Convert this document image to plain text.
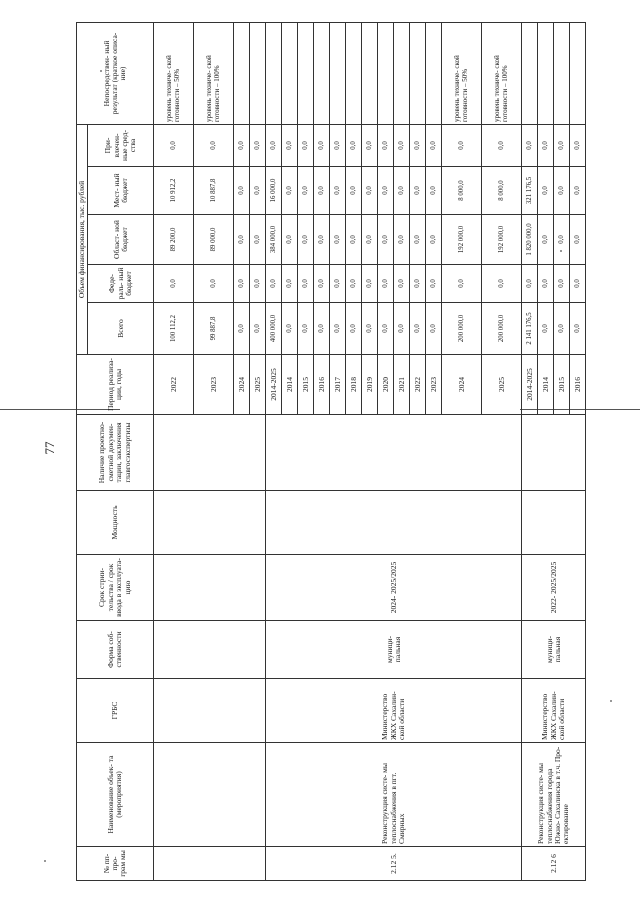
77
№ пп- про- грам мы	Наименование объек- та (мероприятия)	ГРБС	Форма соб- ственности	Срок стрии- тельства / срок ввода в эксплуата- цию	Мощность	Наличие проектно- сметной докумен- тации, заключения главгосэкспертизы	Период реализа- ции, годы	Объем финансирования, тыс. рублей					Непосредствен- ный результат (краткое описа- ние)
								Всего	Феде- раль- ный бюджет	Област- ной бюджет	Мест- ный бюджет	При- влечен- ные сред- ства	
							2022	100 112,2	0,0	89 200,0	10 912,2	0,0	уровень техниче- ской готовности – 50%
							2023	99 887,8	0,0	89 000,0	10 887,8	0,0	уровень техниче- ской готовности – 100%
							2024	0,0	0,0	0,0	0,0	0,0	
							2025	0,0	0,0	0,0	0,0	0,0	
2.12 5.	Реконструкция систе- мы теплоснабжения в пгт. Смирных	Министерство ЖКХ Сахалин- ской области	муници- пальная	2024- 2025/2025			2014-2025	400 000,0	0,0	384 000,0	16 000,0	0,0	
							2014	0,0	0,0	0,0	0,0	0,0	
							2015	0,0	0,0	0,0	0,0	0,0	
							2016	0,0	0,0	0,0	0,0	0,0	
							2017	0,0	0,0	0,0	0,0	0,0	
							2018	0,0	0,0	0,0	0,0	0,0	
							2019	0,0	0,0	0,0	0,0	0,0	
							2020	0,0	0,0	0,0	0,0	0,0	
							2021	0,0	0,0	0,0	0,0	0,0	
							2022	0,0	0,0	0,0	0,0	0,0	
							2023	0,0	0,0	0,0	0,0	0,0	
							2024	200 000,0	0,0	192 000,0	8 000,0	0,0	уровень техниче- ской готовности – 50%
							2025	200 000,0	0,0	192 000,0	8 000,0	0,0	уровень техниче- ской готовности – 100%
2.12 6	Реконструкция систе- мы теплоснабжения города Южно- Сахалинска в т.ч. Про- ектирование	Министерство ЖКХ Сахалин- ской области	муници- пальная	2022- 2025/2025			2014-2025	2 141 176,5	0,0	1 820 000,0	321 176,5	0,0	
							2014	0,0	0,0	0,0	0,0	0,0	
							2015	0,0	0,0	0,0	0,0	0,0	
							2016	0,0	0,0	0,0	0,0	0,0	
